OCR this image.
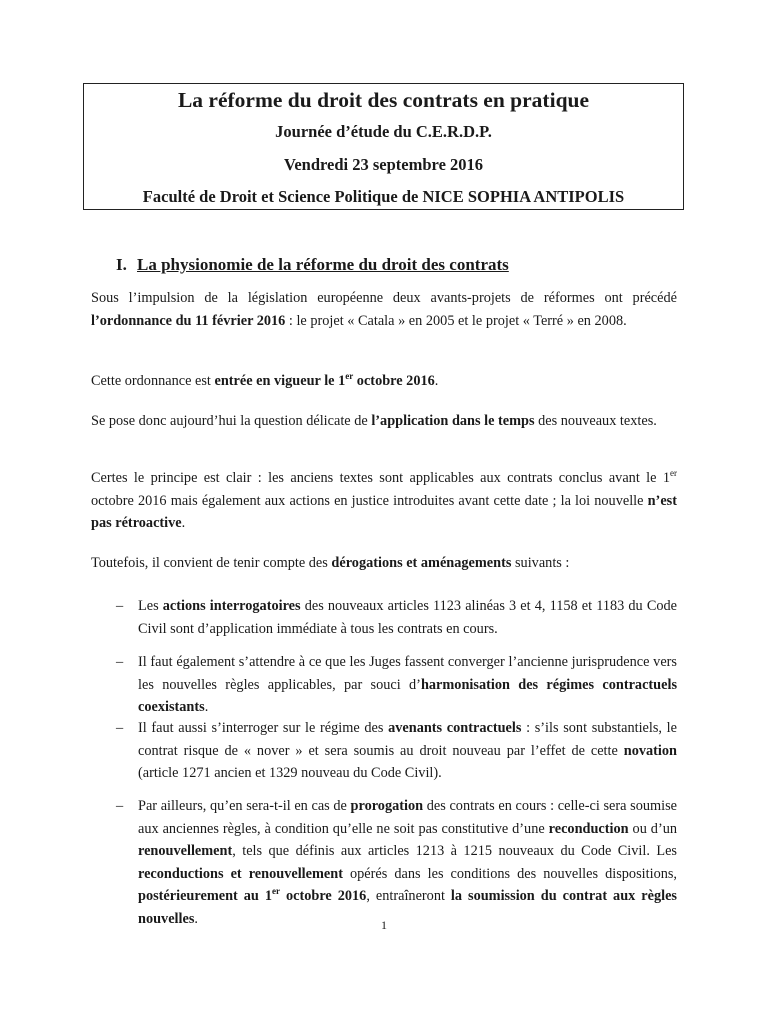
La réforme du droit des contrats en pratique
Journée d’étude du C.E.R.D.P.
Vendredi 23 septembre 2016
Faculté de Droit et Science Politique de NICE SOPHIA ANTIPOLIS
I. La physionomie de la réforme du droit des contrats

Sous l’impulsion de la législation européenne deux avants-projets de réformes ont précédé l’ordonnance du 11 février 2016 : le projet « Catala » en 2005 et le projet « Terré » en 2008.

Cette ordonnance est entrée en vigueur le 1er octobre 2016.

Se pose donc aujourd’hui la question délicate de l’application dans le temps des nouveaux textes.

Certes le principe est clair : les anciens textes sont applicables aux contrats conclus avant le 1er octobre 2016 mais également aux actions en justice introduites avant cette date ; la loi nouvelle n’est pas rétroactive.

Toutefois, il convient de tenir compte des dérogations et aménagements suivants :

– Les actions interrogatoires des nouveaux articles 1123 alinéas 3 et 4, 1158 et 1183 du Code Civil sont d’application immédiate à tous les contrats en cours.

– Il faut également s’attendre à ce que les Juges fassent converger l’ancienne jurisprudence vers les nouvelles règles applicables, par souci d’harmonisation des régimes contractuels coexistants.

– Il faut aussi s’interroger sur le régime des avenants contractuels : s’ils sont substantiels, le contrat risque de « nover » et sera soumis au droit nouveau par l’effet de cette novation (article 1271 ancien et 1329 nouveau du Code Civil).

– Par ailleurs, qu’en sera-t-il en cas de prorogation des contrats en cours : celle-ci sera soumise aux anciennes règles, à condition qu’elle ne soit pas constitutive d’une reconduction ou d’un renouvellement, tels que définis aux articles 1213 à 1215 nouveaux du Code Civil. Les reconductions et renouvellement opérés dans les conditions des nouvelles dispositions, postérieurement au 1er octobre 2016, entraîneront la soumission du contrat aux règles nouvelles.	1
